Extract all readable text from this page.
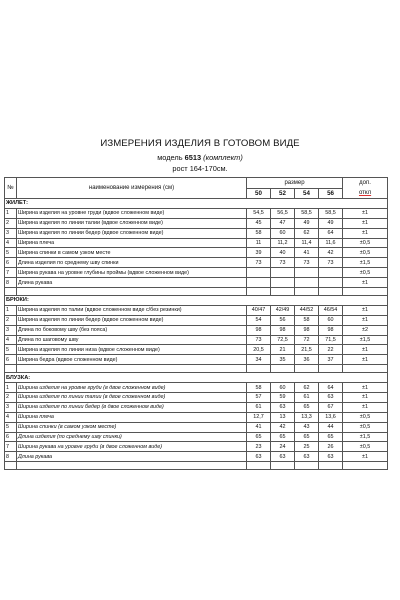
ИЗМЕРЕНИЯ ИЗДЕЛИЯ В ГОТОВОМ ВИДЕ
модель 6513 (комплект)
рост 164-170см.
№	наименование измерения (см)	размер				доп.
		50	52	54	56	откл
ЖИЛЕТ:						
1	Ширина изделия на уровне груди (вдвое сложенном виде)	54,5	56,5	58,5	58,5	±1
2	Ширина изделия по линии талии (вдвое сложенном виде)	45	47	49	49	±1
3	Ширина изделия по линии бедер (вдвое сложенном виде)	58	60	62	64	±1
4	Ширина плеча	11	11,2	11,4	11,6	±0,5
5	Ширина спинки в самом узком месте	39	40	41	42	±0,5
6	Длина изделия по среднему шву спинки	73	73	73	73	±1,5
7	Ширина рукава на уровне глубины проймы (вдвое сложенном виде)					±0,5
8	Длина рукава					±1

БРЮКИ:						
1	Ширина изделия по талии (вдвое сложенном виде с/без резинки)	40/47	42/49	44/52	46/54	±1
2	Ширина изделия по линии бедер (вдвое сложенном виде)	54	56	58	60	±1
3	Длина по боковому шву (без пояса)	98	98	98	98	±2
4	Длина по шаговому шву	73	72,5	72	71,5	±1,5
5	Ширина изделия по линии низа (вдвое сложенном виде)	20,5	21	21,5	22	±1
6	Ширина бедра (вдвое сложенном виде)	34	35	36	37	±1

БЛУЗКА:						
1	Ширина изделия на уровне груди (в двое сложенном виде)	58	60	62	64	±1
2	Ширина изделия по линии талии (в двое сложенном виде)	57	59	61	63	±1
3	Ширина изделия по линии бедер (в двое сложенном виде)	61	63	65	67	±1
4	Ширина плеча	12,7	13	13,3	13,6	±0,5
5	Ширина спинки (в самом узком месте)	41	42	43	44	±0,5
6	Длина изделия (по среднему шву спинки)	65	65	65	65	±1,5
7	Ширина рукава на уровне груди (в двое сложенном виде)	23	24	25	26	±0,5
8	Длина рукава	63	63	63	63	±1
